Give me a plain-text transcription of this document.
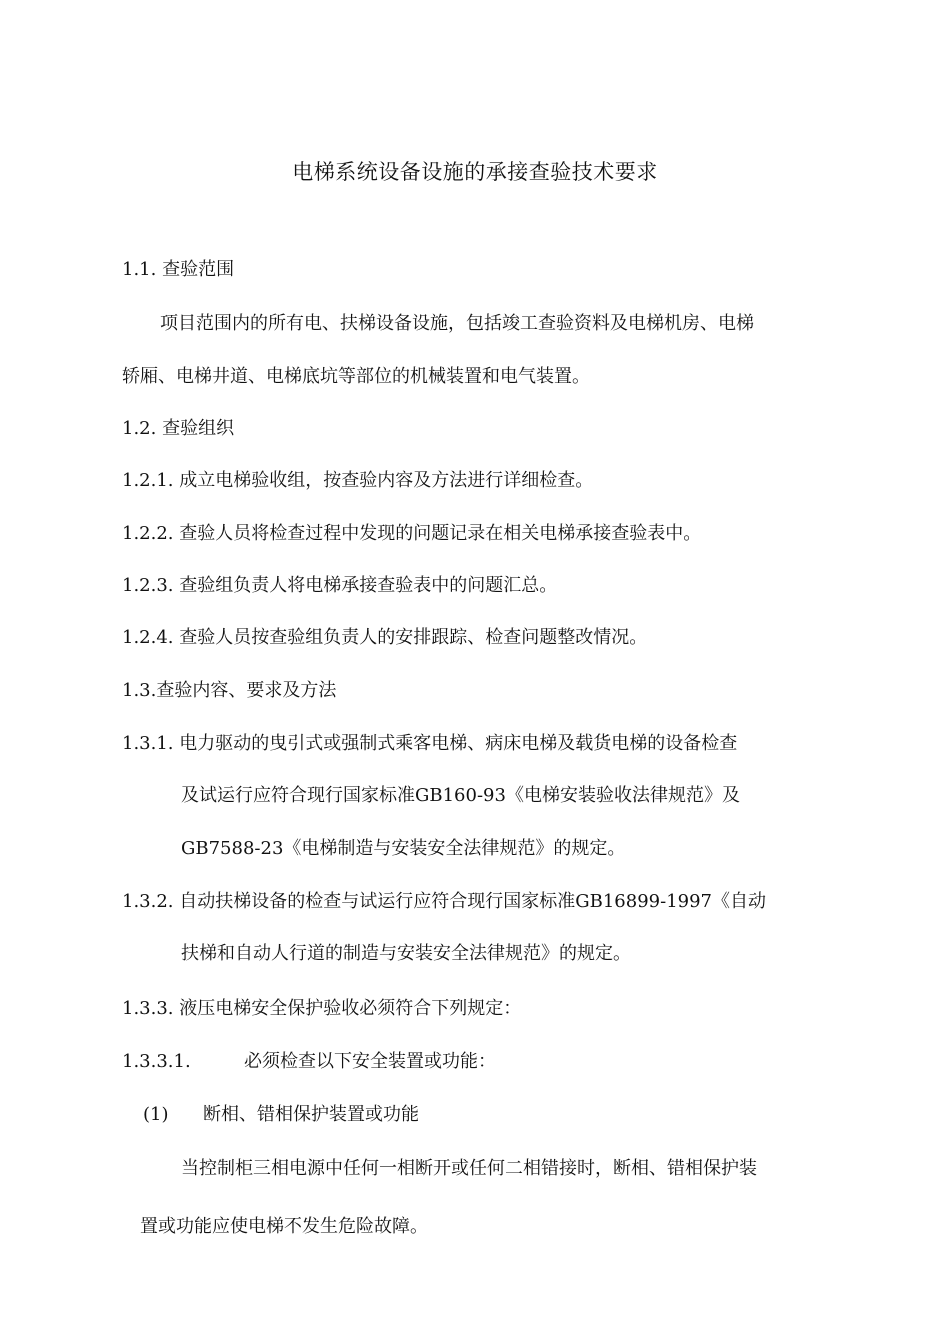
电梯系统设备设施的承接查验技术要求
1.1. 查验范围
项目范围内的所有电、扶梯设备设施，包括竣工查验资料及电梯机房、电梯
轿厢、电梯井道、电梯底坑等部位的机械装置和电气装置。
1.2. 查验组织
1.2.1. 成立电梯验收组，按查验内容及方法进行详细检查。
1.2.2. 查验人员将检查过程中发现的问题记录在相关电梯承接查验表中。
1.2.3. 查验组负责人将电梯承接查验表中的问题汇总。
1.2.4. 查验人员按查验组负责人的安排跟踪、检查问题整改情况。
1.3.查验内容、要求及方法
1.3.1. 电力驱动的曳引式或强制式乘客电梯、病床电梯及载货电梯的设备检查
及试运行应符合现行国家标准GB160-93《电梯安装验收法律规范》及
GB7588-23《电梯制造与安装安全法律规范》的规定。
1.3.2. 自动扶梯设备的检查与试运行应符合现行国家标准GB16899-1997《自动
扶梯和自动人行道的制造与安装安全法律规范》的规定。
1.3.3. 液压电梯安全保护验收必须符合下列规定：
1.3.3.1.	必须检查以下安全装置或功能：
(1) 断相、错相保护装置或功能
当控制柜三相电源中任何一相断开或任何二相错接时，断相、错相保护装
置或功能应使电梯不发生危险故障。
